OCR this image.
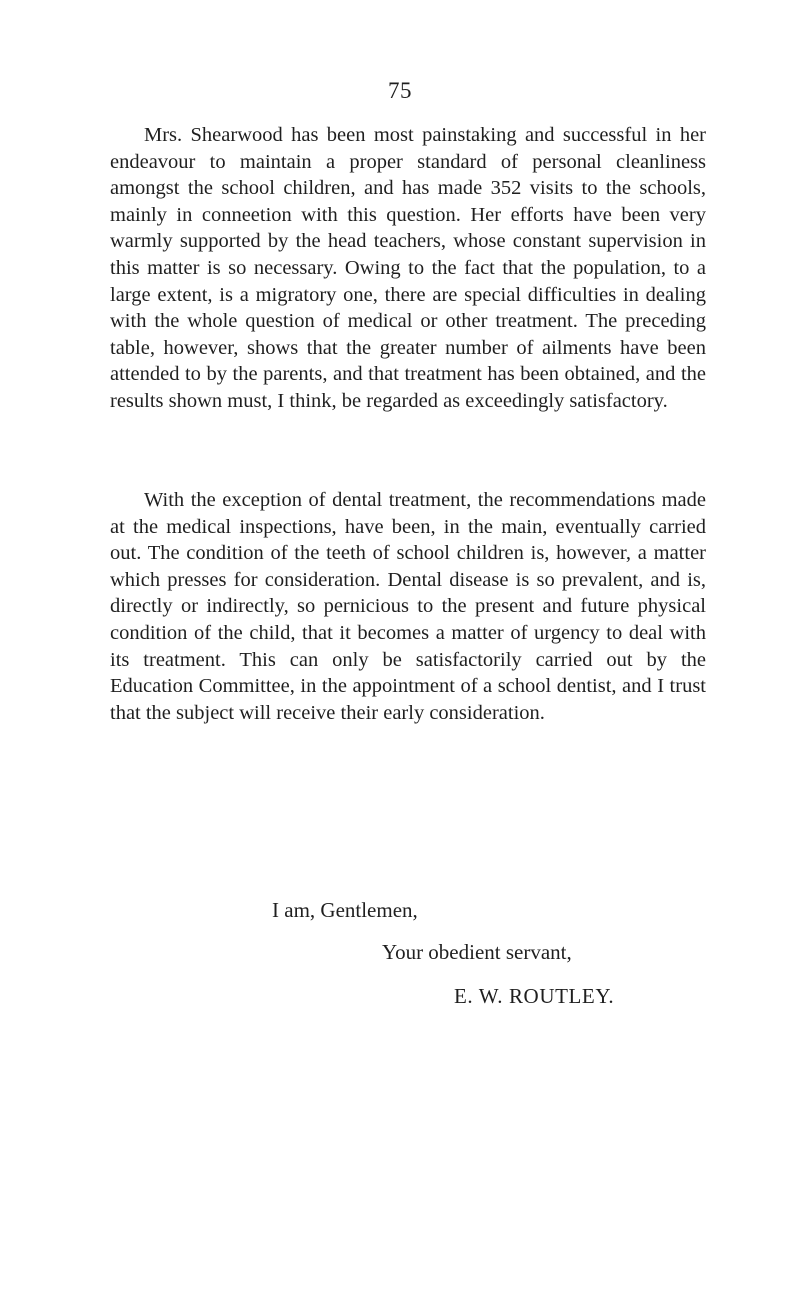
75

Mrs. Shearwood has been most painstaking and successful in her endeavour to maintain a proper standard of personal cleanliness amongst the school children, and has made 352 visits to the schools, mainly in conneetion with this question. Her efforts have been very warmly supported by the head teachers, whose constant supervision in this matter is so necessary. Owing to the fact that the population, to a large extent, is a migratory one, there are special difficulties in dealing with the whole question of medical or other treatment. The preceding table, however, shows that the greater number of ailments have been attended to by the parents, and that treatment has been obtained, and the results shown must, I think, be regarded as exceedingly satisfactory.

With the exception of dental treatment, the recommendations made at the medical inspections, have been, in the main, eventually carried out. The condition of the teeth of school children is, however, a matter which presses for consideration. Dental disease is so prevalent, and is, directly or indirectly, so pernicious to the present and future physical condition of the child, that it becomes a matter of urgency to deal with its treatment. This can only be satisfactorily carried out by the Education Committee, in the appointment of a school dentist, and I trust that the subject will receive their early consideration.

I am, Gentlemen,
Your obedient servant,
E. W. ROUTLEY.
